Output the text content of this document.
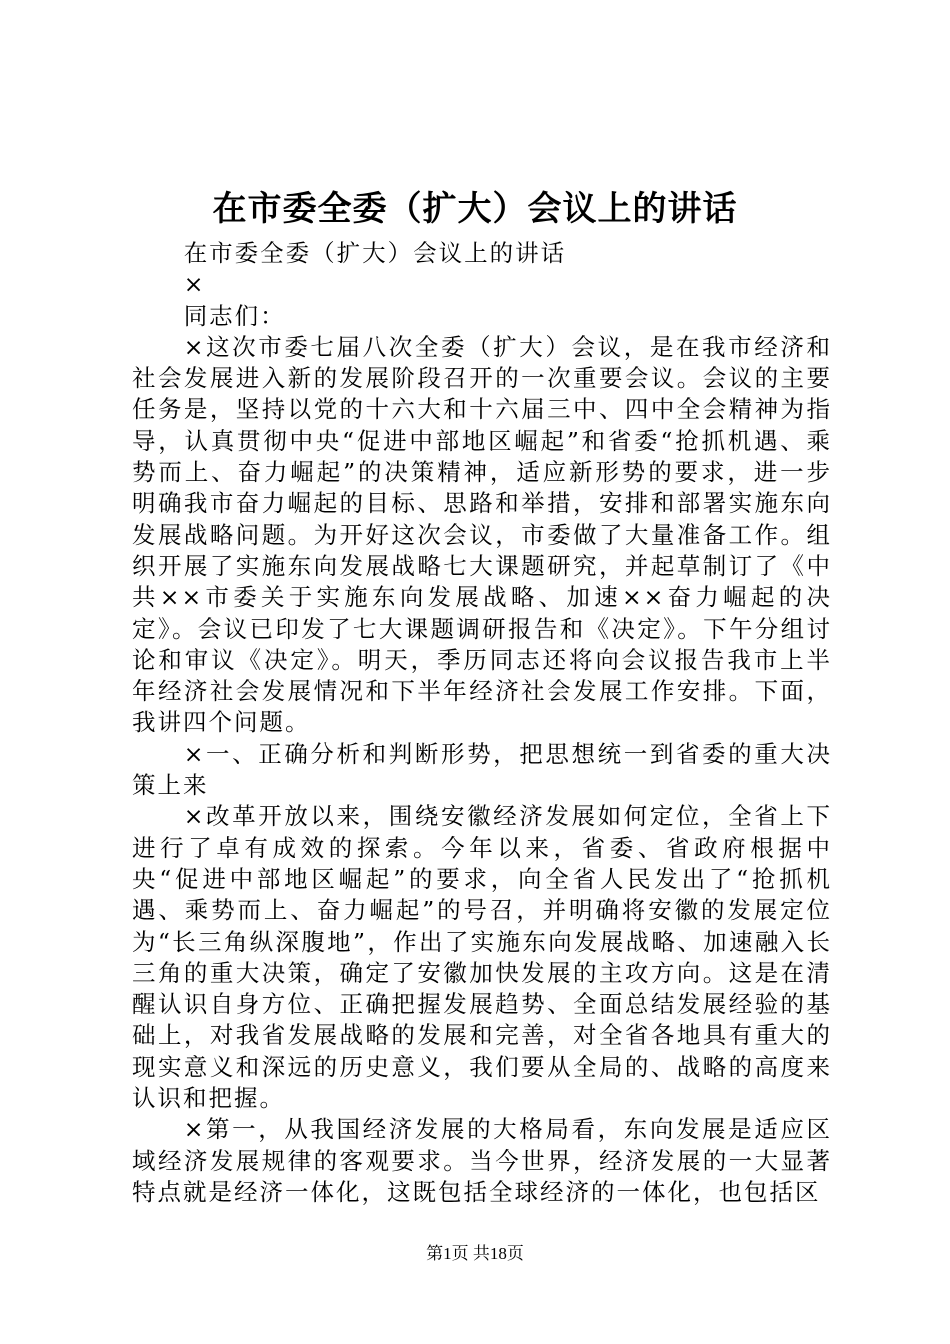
在市委全委（扩大）会议上的讲话

在市委全委（扩大）会议上的讲话

×

同志们：

×这次市委七届八次全委（扩大）会议，是在我市经济和社会发展进入新的发展阶段召开的一次重要会议。会议的主要任务是，坚持以党的十六大和十六届三中、四中全会精神为指导，认真贯彻中央“促进中部地区崛起”和省委“抢抓机遇、乘势而上、奋力崛起”的决策精神，适应新形势的要求，进一步明确我市奋力崛起的目标、思路和举措，安排和部署实施东向发展战略问题。为开好这次会议，市委做了大量准备工作。组织开展了实施东向发展战略七大课题研究，并起草制订了《中共××市委关于实施东向发展战略、加速××奋力崛起的决定》。会议已印发了七大课题调研报告和《决定》。下午分组讨论和审议《决定》。明天，季历同志还将向会议报告我市上半年经济社会发展情况和下半年经济社会发展工作安排。下面，我讲四个问题。

×一、正确分析和判断形势，把思想统一到省委的重大决策上来

×改革开放以来，围绕安徽经济发展如何定位，全省上下进行了卓有成效的探索。今年以来，省委、省政府根据中央“促进中部地区崛起”的要求，向全省人民发出了“抢抓机遇、乘势而上、奋力崛起”的号召，并明确将安徽的发展定位为“长三角纵深腹地”，作出了实施东向发展战略、加速融入长三角的重大决策，确定了安徽加快发展的主攻方向。这是在清醒认识自身方位、正确把握发展趋势、全面总结发展经验的基础上，对我省发展战略的发展和完善，对全省各地具有重大的现实意义和深远的历史意义，我们要从全局的、战略的高度来认识和把握。

×第一，从我国经济发展的大格局看，东向发展是适应区域经济发展规律的客观要求。当今世界，经济发展的一大显著特点就是经济一体化，这既包括全球经济的一体化，也包括区

第1页 共18页
